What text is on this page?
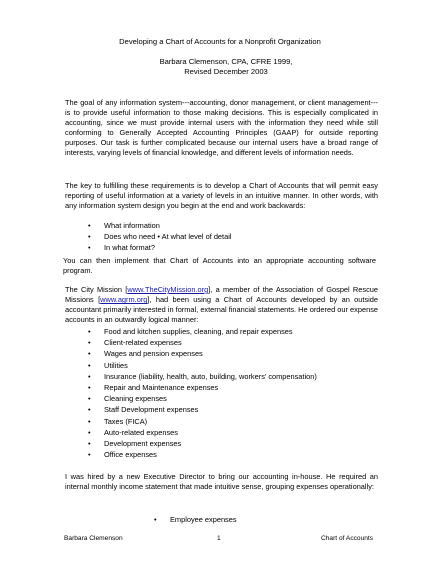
Developing a Chart of Accounts for a Nonprofit Organization
Barbara Clemenson, CPA, CFRE 1999,
Revised December 2003
The goal of any information system---accounting, donor management, or client management---is to provide useful information to those making decisions. This is especially complicated in accounting, since we must provide internal users with the information they need while still conforming to Generally Accepted Accounting Principles (GAAP) for outside reporting purposes. Our task is further complicated because our internal users have a broad range of interests, varying levels of financial knowledge, and different levels of information needs.
The key to fulfilling these requirements is to develop a Chart of Accounts that will permit easy reporting of useful information at a variety of levels in an intuitive manner. In other words, with any information system design you begin at the end and work backwards:
• What information
• Does who need • At what level of detail
• In what format?
You can then implement that Chart of Accounts into an appropriate accounting software program.
The City Mission [www.TheCityMission.org], a member of the Association of Gospel Rescue Missions [www.agrm.org], had been using a Chart of Accounts developed by an outside accountant primarily interested in formal, external financial statements. He ordered our expense accounts in an outwardly logical manner:
• Food and kitchen supplies, cleaning, and repair expenses
• Client-related expenses
• Wages and pension expenses
• Utilities
• Insurance (liability, health, auto, building, workers’ compensation)
• Repair and Maintenance expenses
• Cleaning expenses
• Staff Development expenses
• Taxes (FICA)
• Auto-related expenses
• Development expenses
• Office expenses
I was hired by a new Executive Director to bring our accounting in-house. He required an internal monthly income statement that made intuitive sense, grouping expenses operationally:
• Employee expenses
Barbara Clemenson	1	Chart of Accounts
